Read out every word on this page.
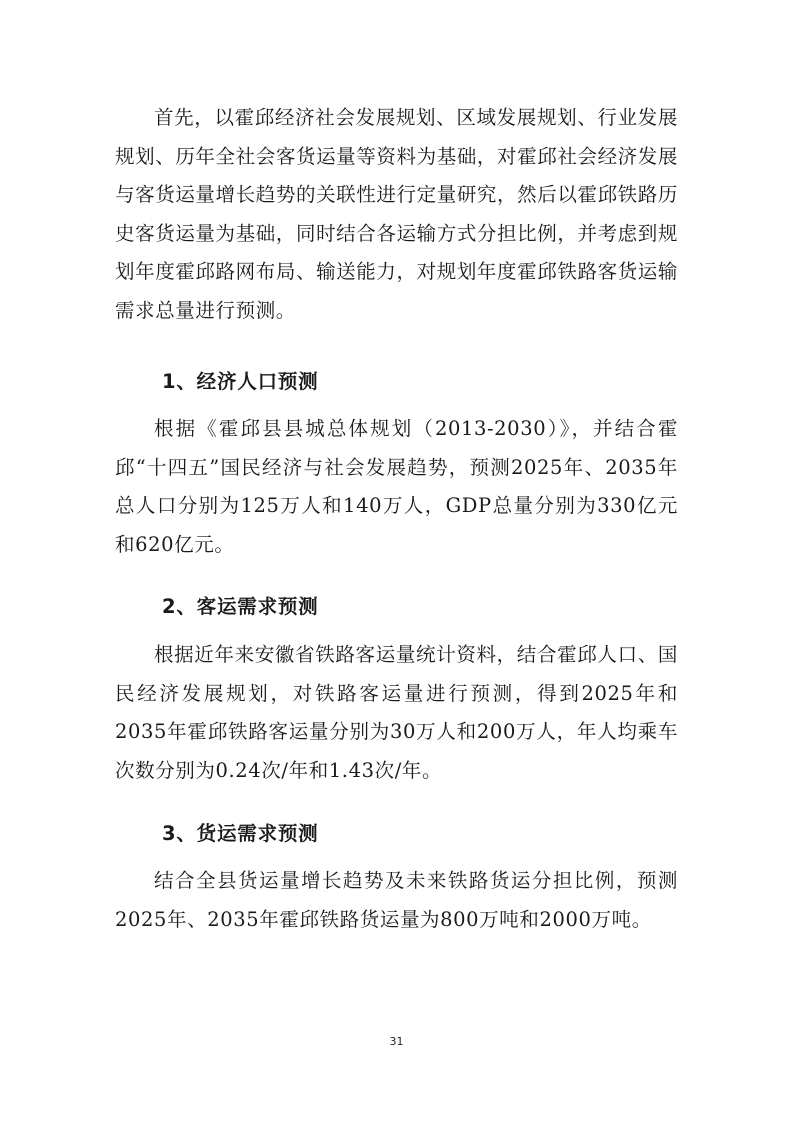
首先，以霍邱经济社会发展规划、区域发展规划、行业发展规划、历年全社会客货运量等资料为基础，对霍邱社会经济发展与客货运量增长趋势的关联性进行定量研究，然后以霍邱铁路历史客货运量为基础，同时结合各运输方式分担比例，并考虑到规划年度霍邱路网布局、输送能力，对规划年度霍邱铁路客货运输需求总量进行预测。

1、经济人口预测

根据《霍邱县县城总体规划（2013-2030）》，并结合霍邱“十四五”国民经济与社会发展趋势，预测2025年、2035年总人口分别为125万人和140万人，GDP总量分别为330亿元和620亿元。

2、客运需求预测

根据近年来安徽省铁路客运量统计资料，结合霍邱人口、国民经济发展规划，对铁路客运量进行预测，得到2025年和2035年霍邱铁路客运量分别为30万人和200万人，年人均乘车次数分别为0.24次/年和1.43次/年。

3、货运需求预测

结合全县货运量增长趋势及未来铁路货运分担比例，预测2025年、2035年霍邱铁路货运量为800万吨和2000万吨。

31
